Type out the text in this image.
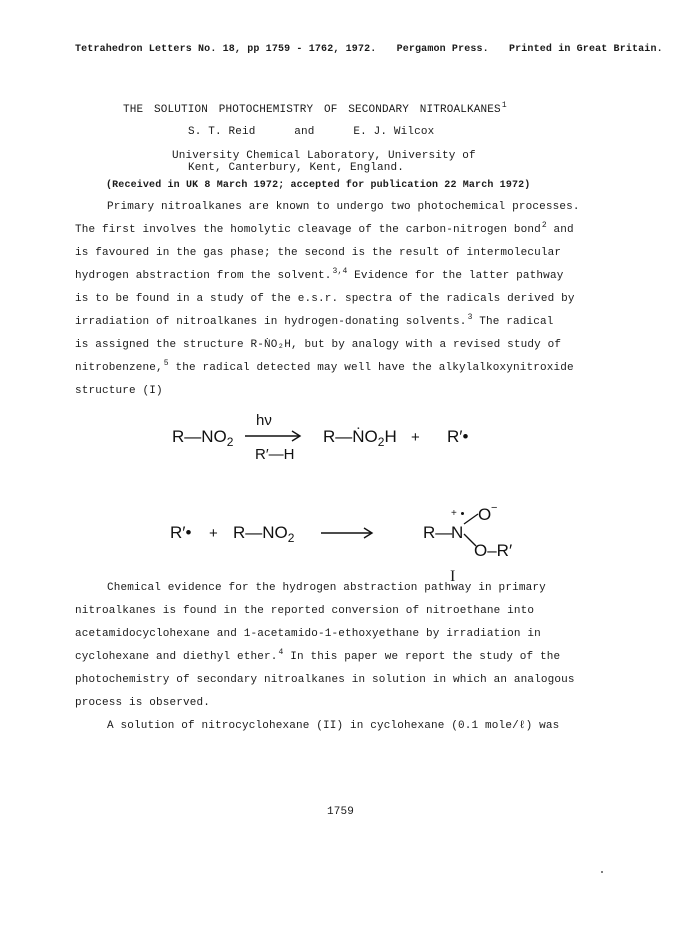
Tetrahedron Letters No. 18, pp 1759 - 1762, 1972. Pergamon Press. Printed in Great Britain.
THE SOLUTION PHOTOCHEMISTRY OF SECONDARY NITROALKANES$^1$
S. T. Reid	and	E. J. Wilcox
University Chemical Laboratory, University of
Kent, Canterbury, Kent, England.
(Received in UK 8 March 1972; accepted for publication 22 March 1972)
Primary nitroalkanes are known to undergo two photochemical processes.
The first involves the homolytic cleavage of the carbon-nitrogen bond$^2$ and
is favoured in the gas phase; the second is the result of intermolecular
hydrogen abstraction from the solvent.$^{3,4}$ Evidence for the latter pathway
is to be found in a study of the e.s.r. spectra of the radicals derived by
irradiation of nitroalkanes in hydrogen-donating solvents.$^3$ The radical
is assigned the structure R-ṄO₂H, but by analogy with a revised study of
nitrobenzene,$^5$ the radical detected may well have the alkylalkoxynitroxide
structure (I)
$R—NO_2$
hν
R′—H
$R—ṄO_2H$ + R′•
R′• + $R—NO_2$	R—
N
+ O −
O–R′
I
Chemical evidence for the hydrogen abstraction pathway in primary
nitroalkanes is found in the reported conversion of nitroethane into
acetamidocyclohexane and 1-acetamido-1-ethoxyethane by irradiation in
cyclohexane and diethyl ether.$^4$ In this paper we report the study of the
photochemistry of secondary nitroalkanes in solution in which an analogous
process is observed.
A solution of nitrocyclohexane (II) in cyclohexane (0.1 mole/ℓ) was
1759
